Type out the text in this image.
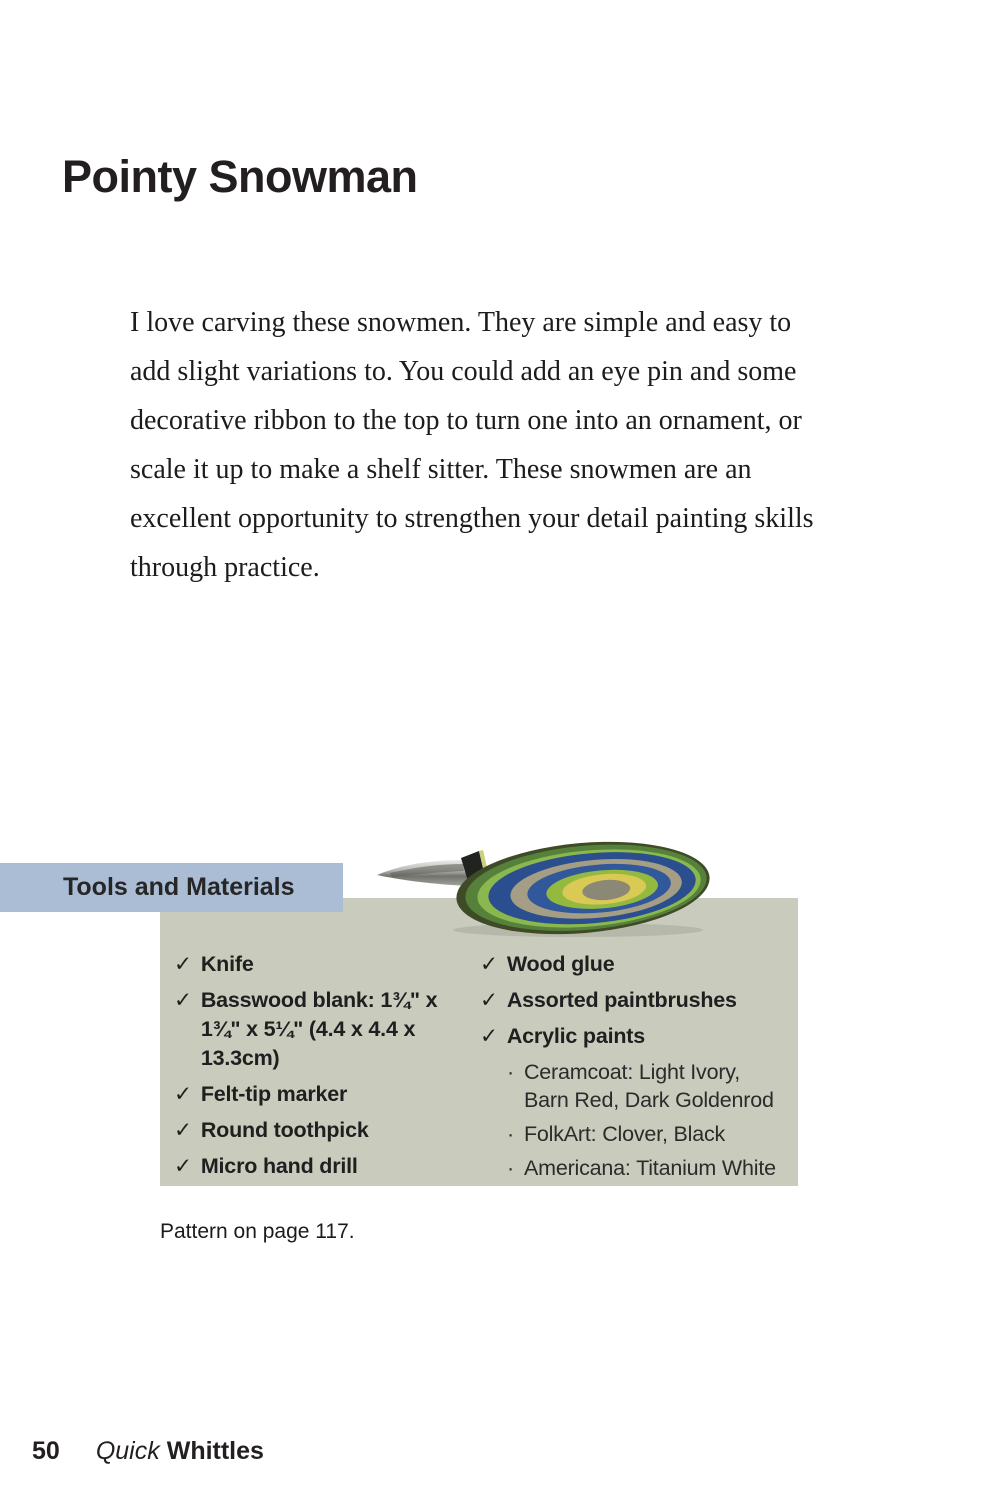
Pointy Snowman

I love carving these snowmen. They are simple and easy to add slight variations to. You could add an eye pin and some decorative ribbon to the top to turn one into an ornament, or scale it up to make a shelf sitter. These snowmen are an excellent opportunity to strengthen your detail painting skills through practice.

Tools and Materials
✓ Knife
✓ Basswood blank: 1¾" x 1¾" x 5¼" (4.4 x 4.4 x 13.3cm)
✓ Felt-tip marker
✓ Round toothpick
✓ Micro hand drill
✓ Wood glue
✓ Assorted paintbrushes
✓ Acrylic paints
· Ceramcoat: Light Ivory, Barn Red, Dark Goldenrod
· FolkArt: Clover, Black
· Americana: Titanium White

Pattern on page 117.

50 Quick Whittles
